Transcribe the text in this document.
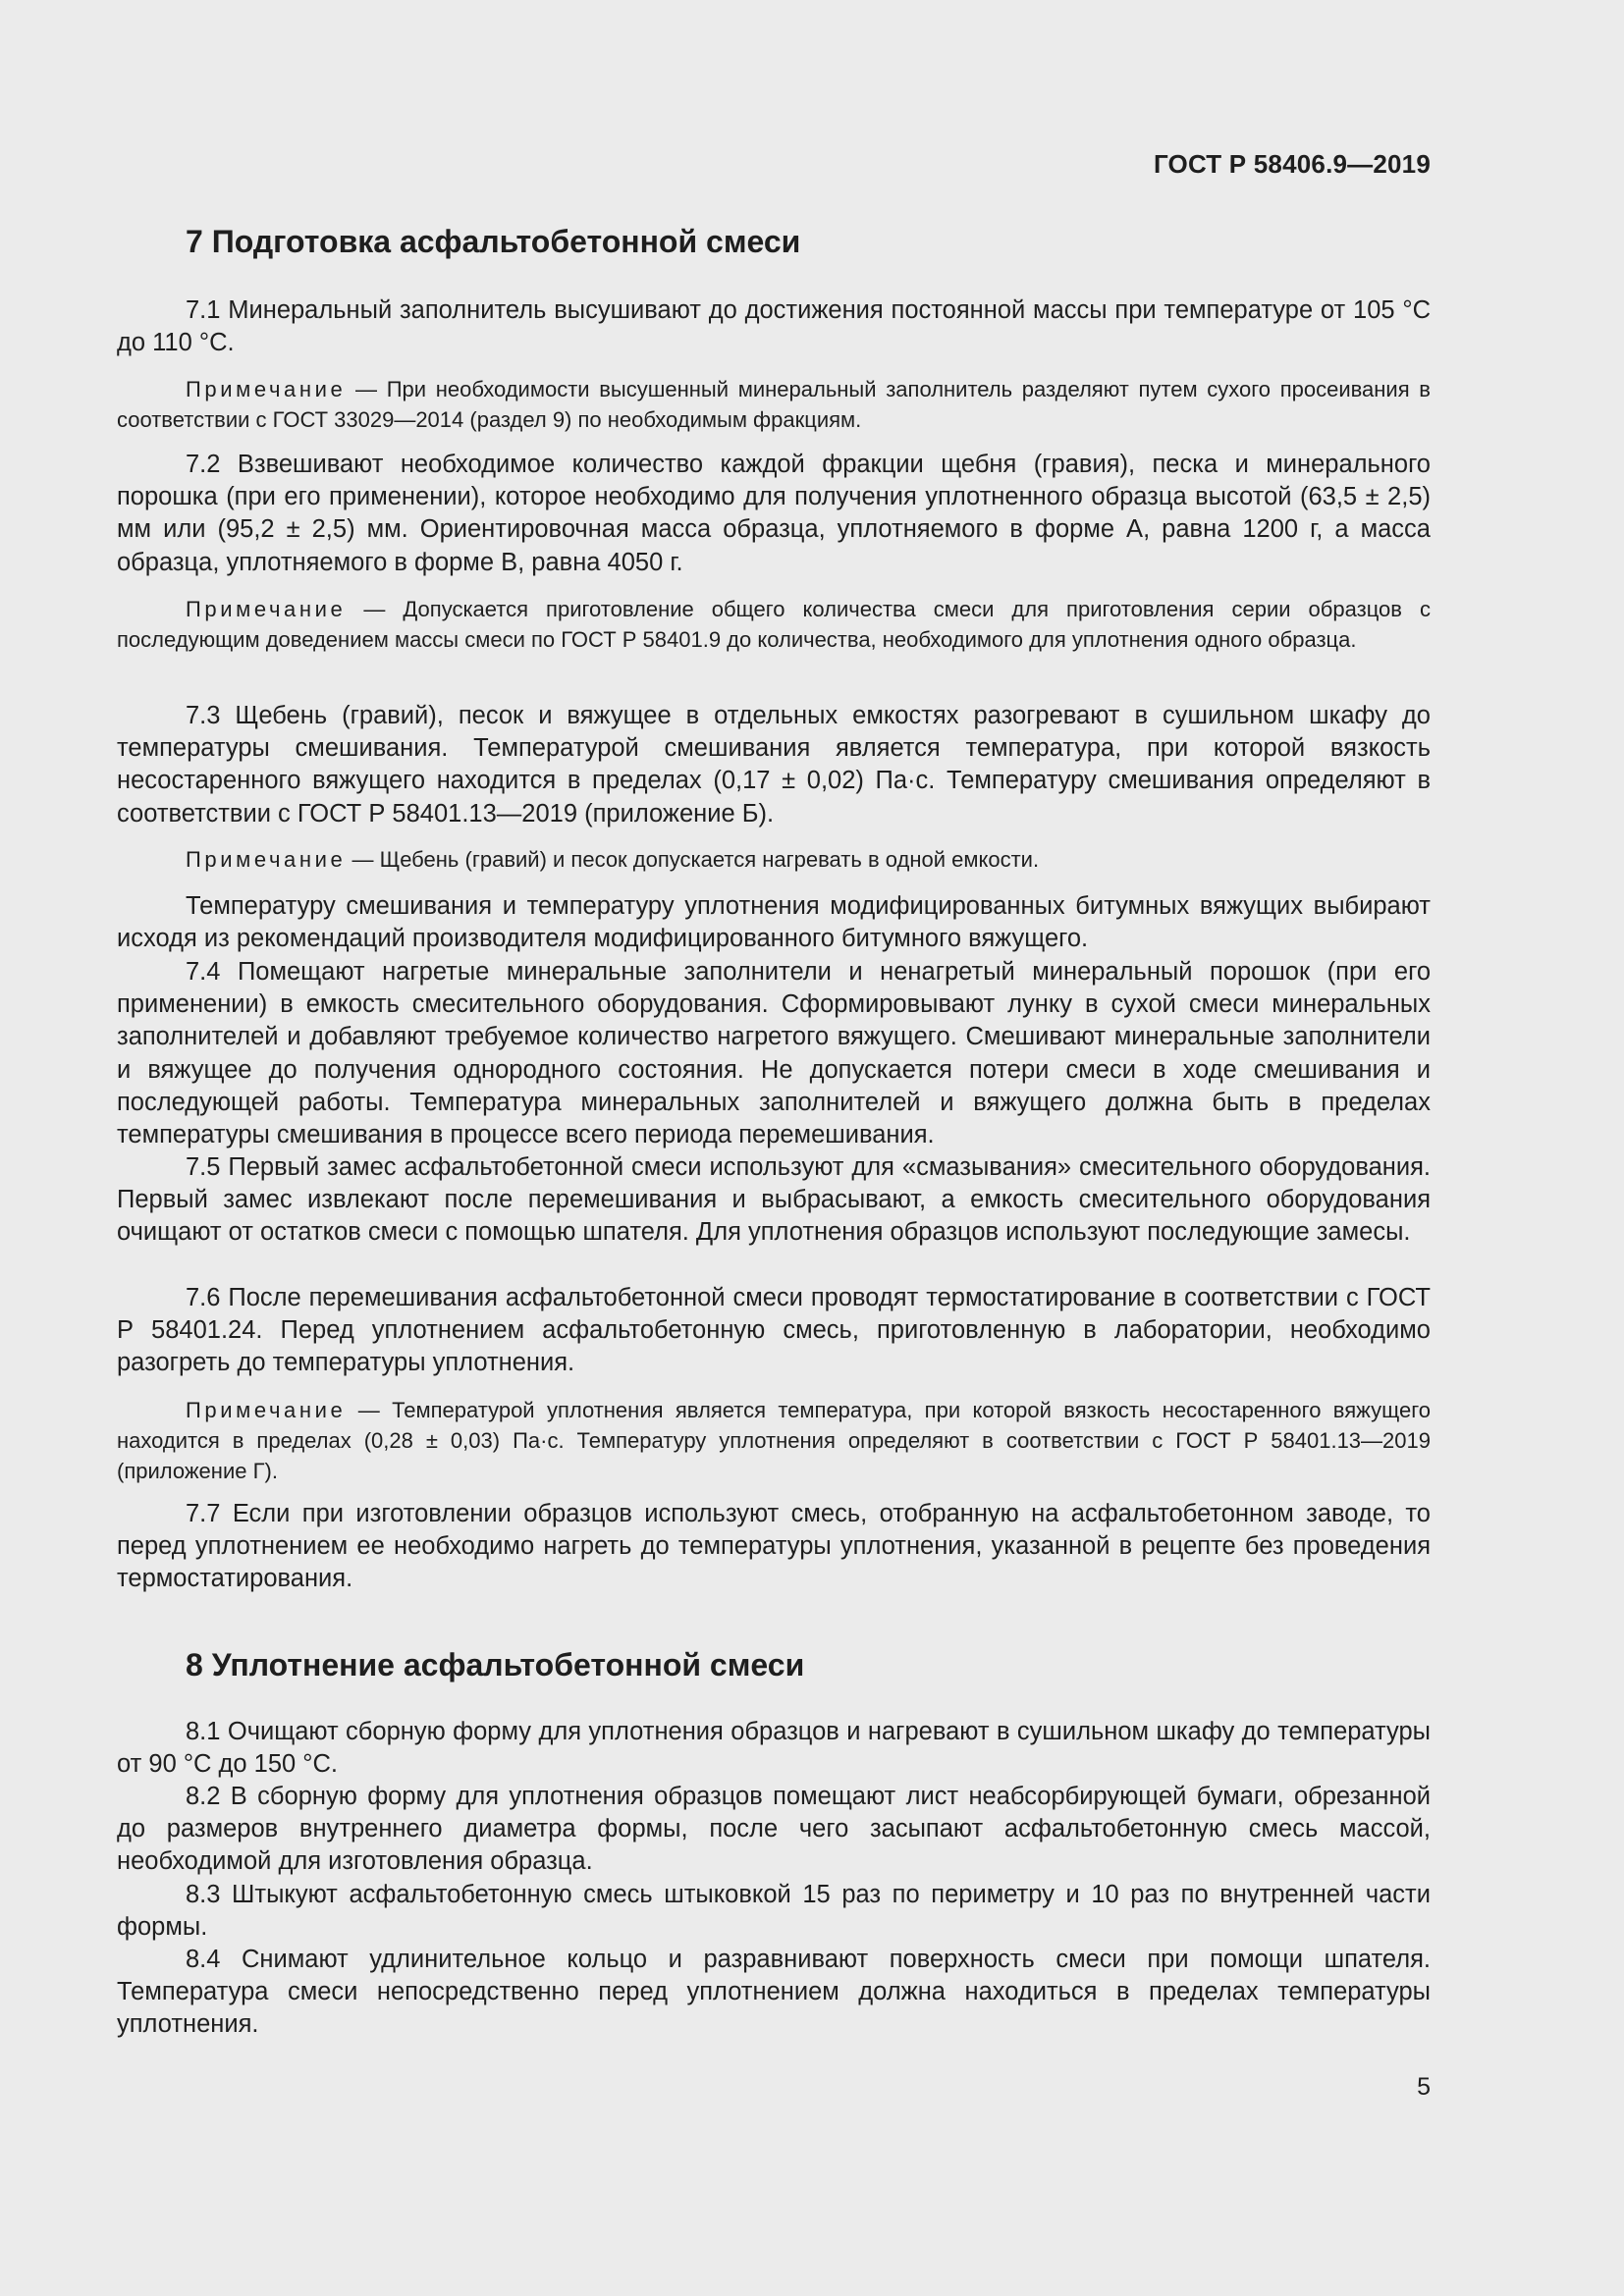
ГОСТ Р 58406.9—2019
7 Подготовка асфальтобетонной смеси

7.1 Минеральный заполнитель высушивают до достижения постоянной массы при температуре от 105 °С до 110 °С.

Примечание — При необходимости высушенный минеральный заполнитель разделяют путем сухого просеивания в соответствии с ГОСТ 33029—2014 (раздел 9) по необходимым фракциям.

7.2 Взвешивают необходимое количество каждой фракции щебня (гравия), песка и минерального порошка (при его применении), которое необходимо для получения уплотненного образца высотой (63,5 ± 2,5) мм или (95,2 ± 2,5) мм. Ориентировочная масса образца, уплотняемого в форме А, равна 1200 г, а масса образца, уплотняемого в форме В, равна 4050 г.

Примечание — Допускается приготовление общего количества смеси для приготовления серии образцов с последующим доведением массы смеси по ГОСТ Р 58401.9 до количества, необходимого для уплотнения одного образца.

7.3 Щебень (гравий), песок и вяжущее в отдельных емкостях разогревают в сушильном шкафу до температуры смешивания. Температурой смешивания является температура, при которой вязкость несостаренного вяжущего находится в пределах (0,17 ± 0,02) Па·с. Температуру смешивания определяют в соответствии с ГОСТ Р 58401.13—2019 (приложение Б).

Примечание — Щебень (гравий) и песок допускается нагревать в одной емкости.

Температуру смешивания и температуру уплотнения модифицированных битумных вяжущих выбирают исходя из рекомендаций производителя модифицированного битумного вяжущего.

7.4 Помещают нагретые минеральные заполнители и ненагретый минеральный порошок (при его применении) в емкость смесительного оборудования. Сформировывают лунку в сухой смеси минеральных заполнителей и добавляют требуемое количество нагретого вяжущего. Смешивают минеральные заполнители и вяжущее до получения однородного состояния. Не допускается потери смеси в ходе смешивания и последующей работы. Температура минеральных заполнителей и вяжущего должна быть в пределах температуры смешивания в процессе всего периода перемешивания.

7.5 Первый замес асфальтобетонной смеси используют для «смазывания» смесительного оборудования. Первый замес извлекают после перемешивания и выбрасывают, а емкость смесительного оборудования очищают от остатков смеси с помощью шпателя. Для уплотнения образцов используют последующие замесы.

7.6 После перемешивания асфальтобетонной смеси проводят термостатирование в соответствии с ГОСТ Р 58401.24. Перед уплотнением асфальтобетонную смесь, приготовленную в лаборатории, необходимо разогреть до температуры уплотнения.

Примечание — Температурой уплотнения является температура, при которой вязкость несостаренного вяжущего находится в пределах (0,28 ± 0,03) Па·с. Температуру уплотнения определяют в соответствии с ГОСТ Р 58401.13—2019 (приложение Г).

7.7 Если при изготовлении образцов используют смесь, отобранную на асфальтобетонном заводе, то перед уплотнением ее необходимо нагреть до температуры уплотнения, указанной в рецепте без проведения термостатирования.

8 Уплотнение асфальтобетонной смеси

8.1 Очищают сборную форму для уплотнения образцов и нагревают в сушильном шкафу до температуры от 90 °С до 150 °С.

8.2 В сборную форму для уплотнения образцов помещают лист неабсорбирующей бумаги, обрезанной до размеров внутреннего диаметра формы, после чего засыпают асфальтобетонную смесь массой, необходимой для изготовления образца.

8.3 Штыкуют асфальтобетонную смесь штыковкой 15 раз по периметру и 10 раз по внутренней части формы.

8.4 Снимают удлинительное кольцо и разравнивают поверхность смеси при помощи шпателя. Температура смеси непосредственно перед уплотнением должна находиться в пределах температуры уплотнения.

5
